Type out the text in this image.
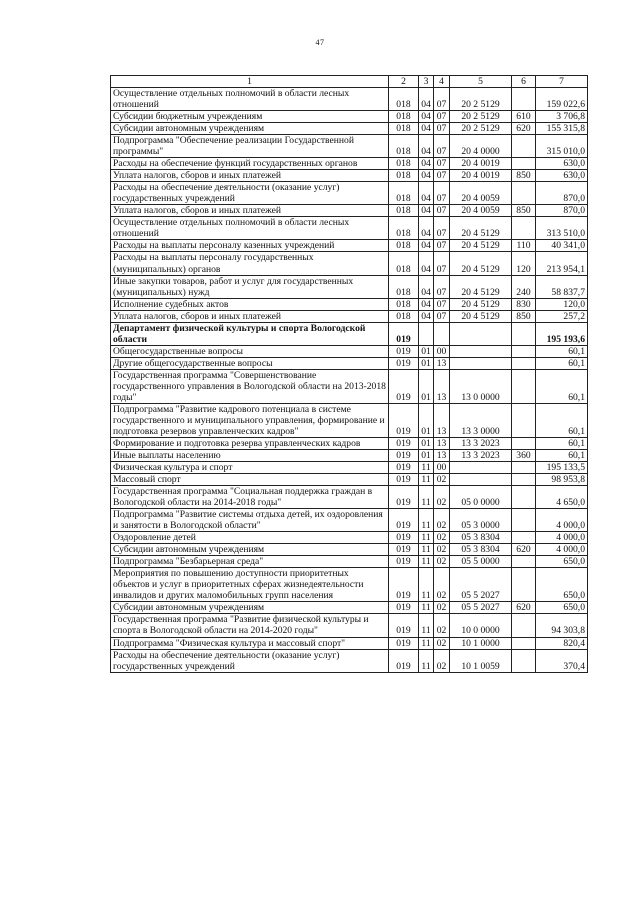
47
1	2	3	4	5	6	7
Осуществление отдельных полномочий в области лесных отношений	018	04	07	20 2 5129		159 022,6
Субсидии бюджетным учреждениям	018	04	07	20 2 5129	610	3 706,8
Субсидии автономным учреждениям	018	04	07	20 2 5129	620	155 315,8
Подпрограмма "Обеспечение реализации Государственной программы"	018	04	07	20 4 0000		315 010,0
Расходы на обеспечение функций государственных органов	018	04	07	20 4 0019		630,0
Уплата налогов, сборов и иных платежей	018	04	07	20 4 0019	850	630,0
Расходы на обеспечение деятельности (оказание услуг) государственных учреждений	018	04	07	20 4 0059		870,0
Уплата налогов, сборов и иных платежей	018	04	07	20 4 0059	850	870,0
Осуществление отдельных полномочий в области лесных отношений	018	04	07	20 4 5129		313 510,0
Расходы на выплаты персоналу казенных учреждений	018	04	07	20 4 5129	110	40 341,0
Расходы на выплаты персоналу государственных (муниципальных) органов	018	04	07	20 4 5129	120	213 954,1
Иные закупки товаров, работ и услуг для государственных (муниципальных) нужд	018	04	07	20 4 5129	240	58 837,7
Исполнение судебных актов	018	04	07	20 4 5129	830	120,0
Уплата налогов, сборов и иных платежей	018	04	07	20 4 5129	850	257,2
Департамент физической культуры и спорта Вологодской области	019					195 193,6
Общегосударственные вопросы	019	01	00			60,1
Другие общегосударственные вопросы	019	01	13			60,1
Государственная программа "Совершенствование государственного управления в Вологодской области на 2013-2018 годы"	019	01	13	13 0 0000		60,1
Подпрограмма "Развитие кадрового потенциала в системе государственного и муниципального управления, формирование и подготовка резервов управленческих кадров"	019	01	13	13 3 0000		60,1
Формирование и подготовка резерва управленческих кадров	019	01	13	13 3 2023		60,1
Иные выплаты населению	019	01	13	13 3 2023	360	60,1
Физическая культура и спорт	019	11	00			195 133,5
Массовый спорт	019	11	02			98 953,8
Государственная программа "Социальная поддержка граждан в Вологодской области на 2014-2018 годы"	019	11	02	05 0 0000		4 650,0
Подпрограмма "Развитие системы отдыха детей, их оздоровления и занятости в Вологодской области"	019	11	02	05 3 0000		4 000,0
Оздоровление детей	019	11	02	05 3 8304		4 000,0
Субсидии автономным учреждениям	019	11	02	05 3 8304	620	4 000,0
Подпрограмма "Безбарьерная среда"	019	11	02	05 5 0000		650,0
Мероприятия по повышению доступности приоритетных объектов и услуг в приоритетных сферах жизнедеятельности инвалидов и других маломобильных групп населения	019	11	02	05 5 2027		650,0
Субсидии автономным учреждениям	019	11	02	05 5 2027	620	650,0
Государственная программа "Развитие физической культуры и спорта в Вологодской области на 2014-2020 годы"	019	11	02	10 0 0000		94 303,8
Подпрограмма "Физическая культура и массовый спорт"	019	11	02	10 1 0000		820,4
Расходы на обеспечение деятельности (оказание услуг) государственных учреждений	019	11	02	10 1 0059		370,4
